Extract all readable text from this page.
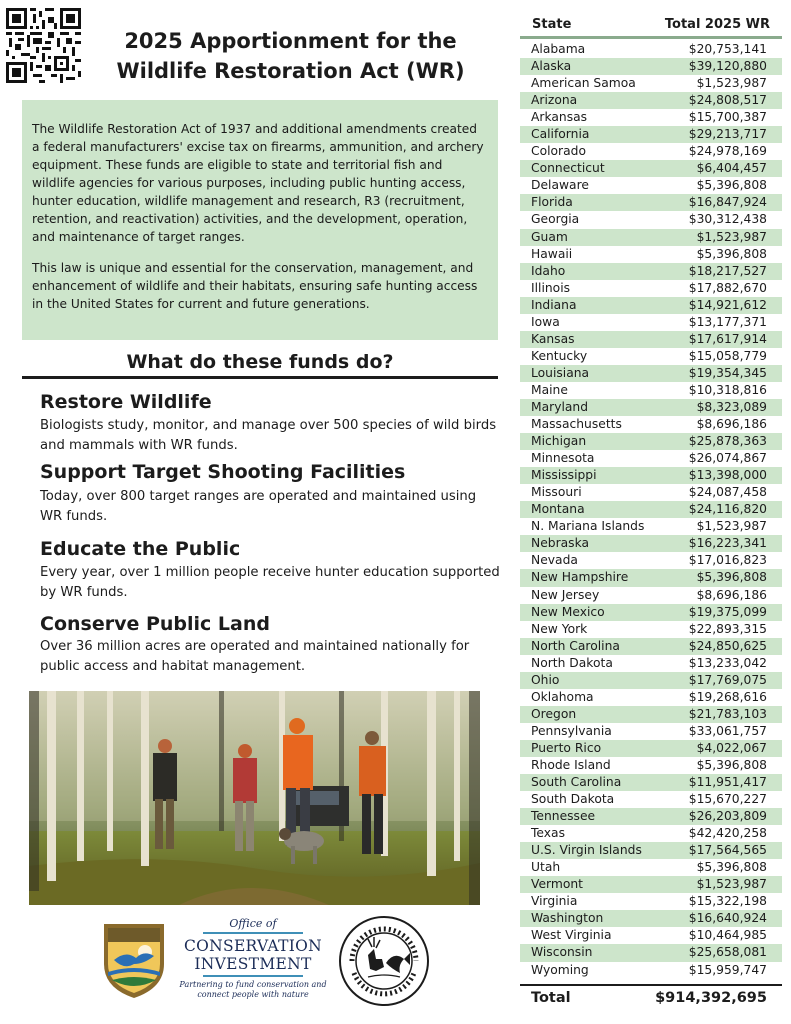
2025 Apportionment for the
Wildlife Restoration Act (WR)

The Wildlife Restoration Act of 1937 and additional amendments created a federal manufacturers' excise tax on firearms, ammunition, and archery equipment. These funds are eligible to state and territorial fish and wildlife agencies for various purposes, including public hunting access, hunter education, wildlife management and research, R3 (recruitment, retention, and reactivation) activities, and the development, operation, and maintenance of target ranges.

This law is unique and essential for the conservation, management, and enhancement of wildlife and their habitats, ensuring safe hunting access in the United States for current and future generations.

What do these funds do?
Restore Wildlife
Biologists study, monitor, and manage over 500 species of wild birds and mammals with WR funds.
Support Target Shooting Facilities
Today, over 800 target ranges are operated and maintained using WR funds.
Educate the Public
Every year, over 1 million people receive hunter education supported by WR funds.
Conserve Public Land
Over 36 million acres are operated and maintained nationally for public access and habitat management.
Office of
CONSERVATION
INVESTMENT
Partnering to fund conservation and connect people with nature
State	Total 2025 WR
Alabama	$20,753,141
Alaska	$39,120,880
American Samoa	$1,523,987
Arizona	$24,808,517
Arkansas	$15,700,387
California	$29,213,717
Colorado	$24,978,169
Connecticut	$6,404,457
Delaware	$5,396,808
Florida	$16,847,924
Georgia	$30,312,438
Guam	$1,523,987
Hawaii	$5,396,808
Idaho	$18,217,527
Illinois	$17,882,670
Indiana	$14,921,612
Iowa	$13,177,371
Kansas	$17,617,914
Kentucky	$15,058,779
Louisiana	$19,354,345
Maine	$10,318,816
Maryland	$8,323,089
Massachusetts	$8,696,186
Michigan	$25,878,363
Minnesota	$26,074,867
Mississippi	$13,398,000
Missouri	$24,087,458
Montana	$24,116,820
N. Mariana Islands	$1,523,987
Nebraska	$16,223,341
Nevada	$17,016,823
New Hampshire	$5,396,808
New Jersey	$8,696,186
New Mexico	$19,375,099
New York	$22,893,315
North Carolina	$24,850,625
North Dakota	$13,233,042
Ohio	$17,769,075
Oklahoma	$19,268,616
Oregon	$21,783,103
Pennsylvania	$33,061,757
Puerto Rico	$4,022,067
Rhode Island	$5,396,808
South Carolina	$11,951,417
South Dakota	$15,670,227
Tennessee	$26,203,809
Texas	$42,420,258
U.S. Virgin Islands	$17,564,565
Utah	$5,396,808
Vermont	$1,523,987
Virginia	$15,322,198
Washington	$16,640,924
West Virginia	$10,464,985
Wisconsin	$25,658,081
Wyoming	$15,959,747
Total	$914,392,695
